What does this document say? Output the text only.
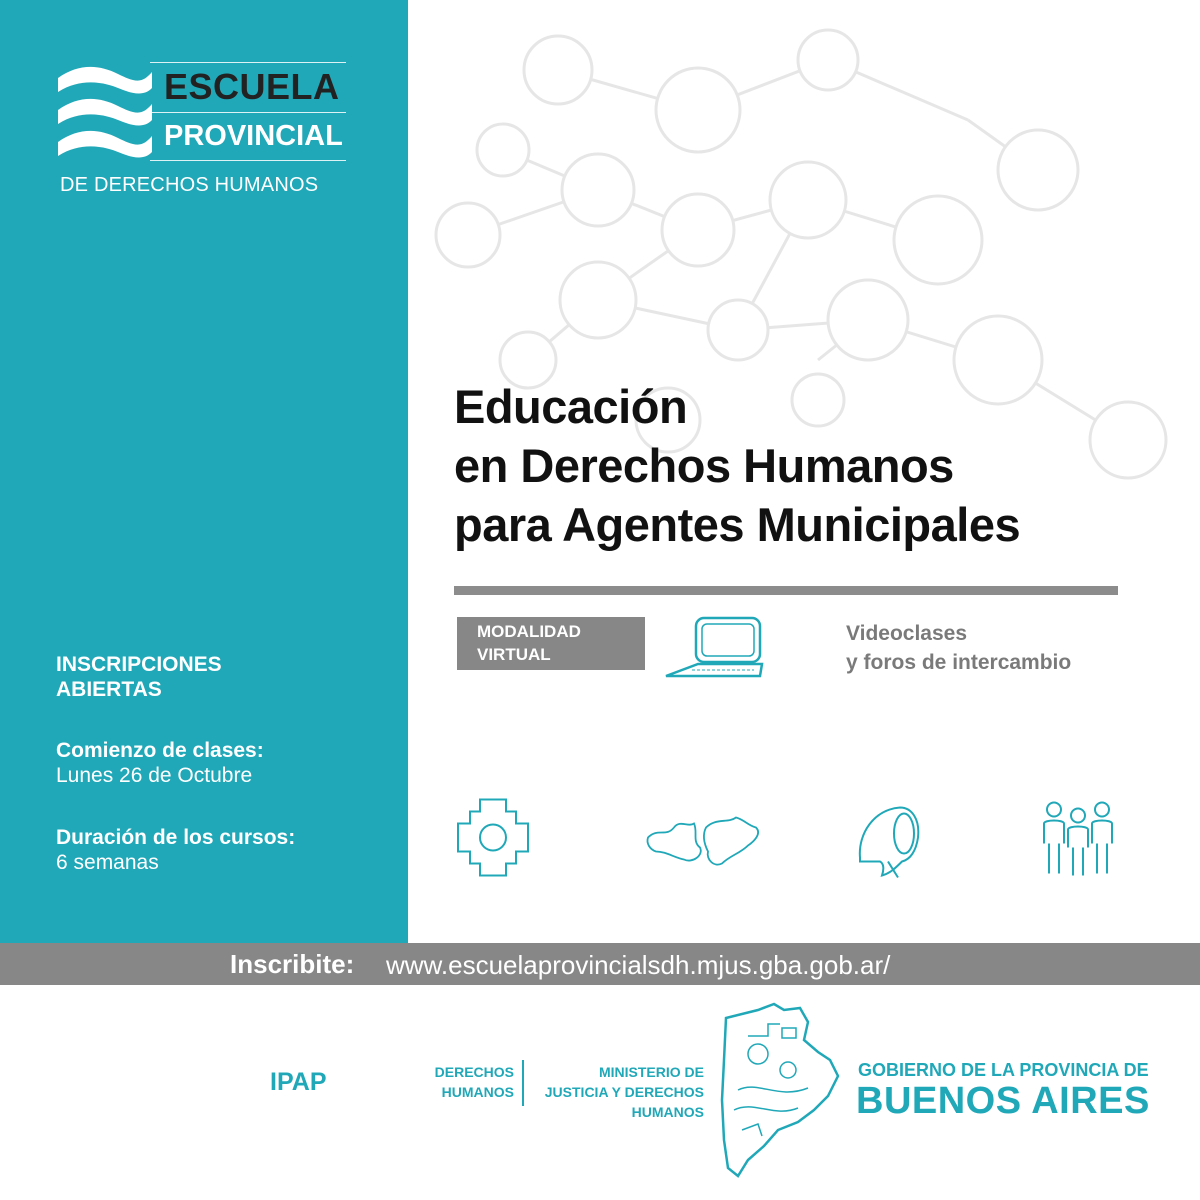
ESCUELA
PROVINCIAL
DE DERECHOS HUMANOS
INSCRIPCIONES
ABIERTAS
Comienzo de clases:
Lunes 26 de Octubre
Duración de los cursos:
6 semanas
Educación
en Derechos Humanos
para Agentes Municipales
MODALIDAD
VIRTUAL
Videoclases
y foros de intercambio
Inscribite: www.escuelaprovincialsdh.mjus.gba.gob.ar/
IPAP	DERECHOS
HUMANOS
MINISTERIO DE
JUSTICIA Y DERECHOS
HUMANOS
GOBIERNO DE LA PROVINCIA DE
BUENOS AIRES
